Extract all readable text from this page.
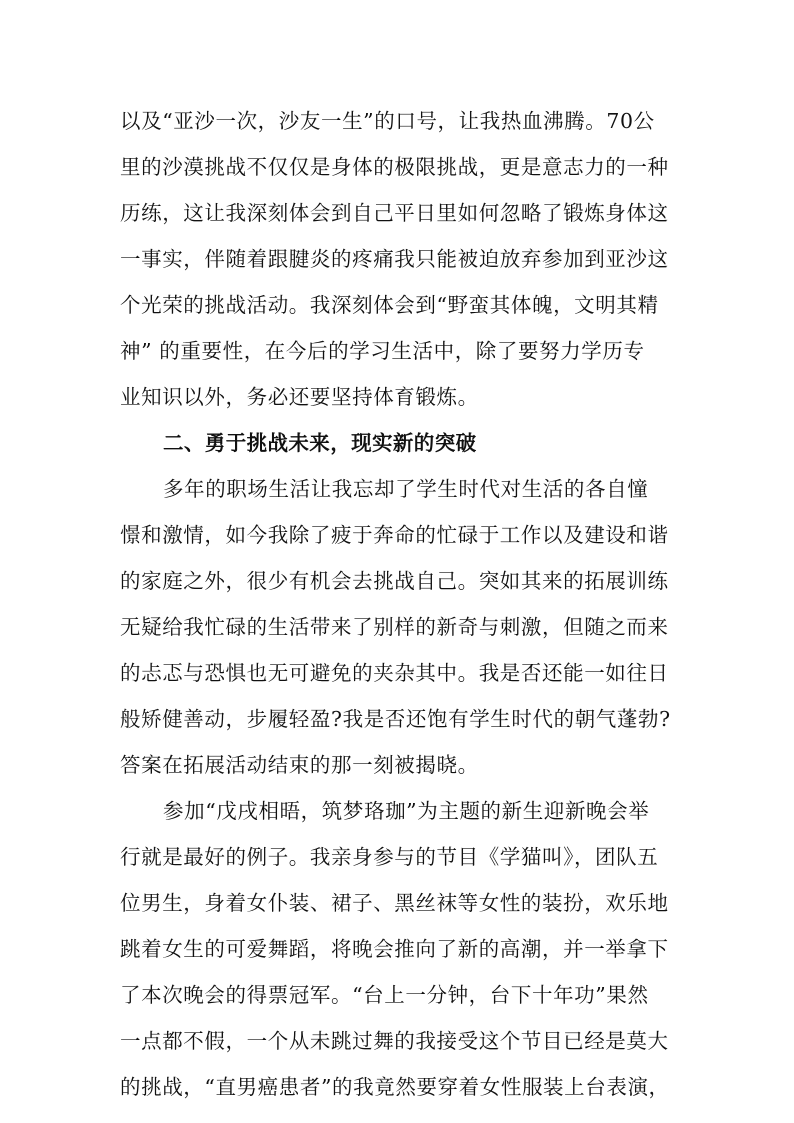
以及“亚沙一次，沙友一生”的口号，让我热血沸腾。70公
里的沙漠挑战不仅仅是身体的极限挑战，更是意志力的一种
历练，这让我深刻体会到自己平日里如何忽略了锻炼身体这
一事实，伴随着跟腱炎的疼痛我只能被迫放弃参加到亚沙这
个光荣的挑战活动。我深刻体会到“野蛮其体魄，文明其精
神” 的重要性，在今后的学习生活中，除了要努力学历专
业知识以外，务必还要坚持体育锻炼。
二、勇于挑战未来，现实新的突破
多年的职场生活让我忘却了学生时代对生活的各自憧
憬和激情，如今我除了疲于奔命的忙碌于工作以及建设和谐
的家庭之外，很少有机会去挑战自己。突如其来的拓展训练
无疑给我忙碌的生活带来了别样的新奇与刺激，但随之而来
的忐忑与恐惧也无可避免的夹杂其中。我是否还能一如往日
般矫健善动，步履轻盈?我是否还饱有学生时代的朝气蓬勃?
答案在拓展活动结束的那一刻被揭晓。
参加“戊戌相晤，筑梦珞珈”为主题的新生迎新晚会举
行就是最好的例子。我亲身参与的节目《学猫叫》，团队五
位男生，身着女仆装、裙子、黑丝袜等女性的装扮，欢乐地
跳着女生的可爱舞蹈，将晚会推向了新的高潮，并一举拿下
了本次晚会的得票冠军。“台上一分钟，台下十年功”果然
一点都不假，一个从未跳过舞的我接受这个节目已经是莫大
的挑战，“直男癌患者”的我竟然要穿着女性服装上台表演，
